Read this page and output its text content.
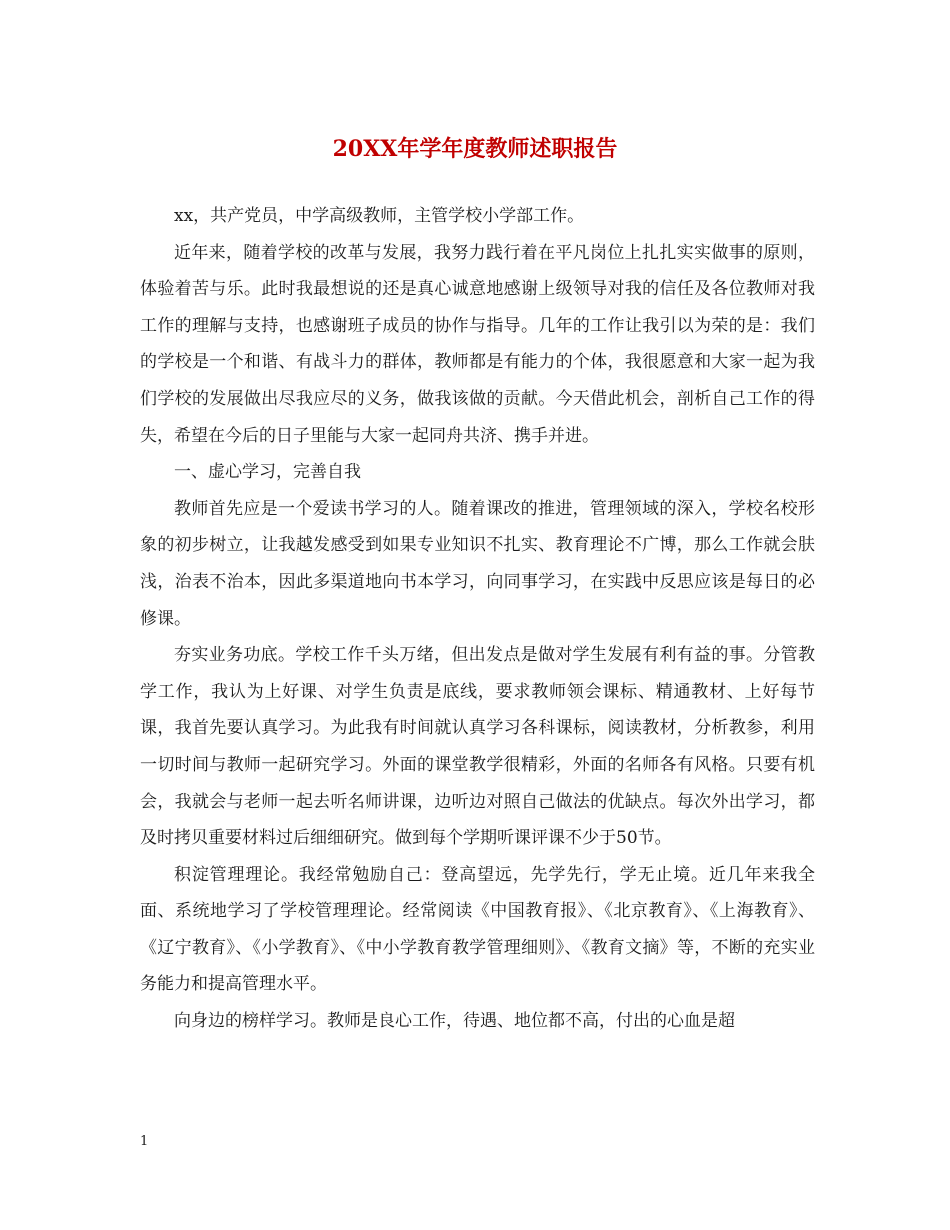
20XX年学年度教师述职报告

xx，共产党员，中学高级教师，主管学校小学部工作。

近年来，随着学校的改革与发展，我努力践行着在平凡岗位上扎扎实实做事的原则，体验着苦与乐。此时我最想说的还是真心诚意地感谢上级领导对我的信任及各位教师对我工作的理解与支持，也感谢班子成员的协作与指导。几年的工作让我引以为荣的是：我们的学校是一个和谐、有战斗力的群体，教师都是有能力的个体，我很愿意和大家一起为我们学校的发展做出尽我应尽的义务，做我该做的贡献。今天借此机会，剖析自己工作的得失，希望在今后的日子里能与大家一起同舟共济、携手并进。

一、虚心学习，完善自我

教师首先应是一个爱读书学习的人。随着课改的推进，管理领域的深入，学校名校形象的初步树立，让我越发感受到如果专业知识不扎实、教育理论不广博，那么工作就会肤浅，治表不治本，因此多渠道地向书本学习，向同事学习，在实践中反思应该是每日的必修课。

夯实业务功底。学校工作千头万绪，但出发点是做对学生发展有利有益的事。分管教学工作，我认为上好课、对学生负责是底线，要求教师领会课标、精通教材、上好每节课，我首先要认真学习。为此我有时间就认真学习各科课标，阅读教材，分析教参，利用一切时间与教师一起研究学习。外面的课堂教学很精彩，外面的名师各有风格。只要有机会，我就会与老师一起去听名师讲课，边听边对照自己做法的优缺点。每次外出学习，都及时拷贝重要材料过后细细研究。做到每个学期听课评课不少于50节。

积淀管理理论。我经常勉励自己：登高望远，先学先行，学无止境。近几年来我全面、系统地学习了学校管理理论。经常阅读《中国教育报》、《北京教育》、《上海教育》、《辽宁教育》、《小学教育》、《中小学教育教学管理细则》、《教育文摘》等，不断的充实业务能力和提高管理水平。

向身边的榜样学习。教师是良心工作，待遇、地位都不高，付出的心血是超

1
